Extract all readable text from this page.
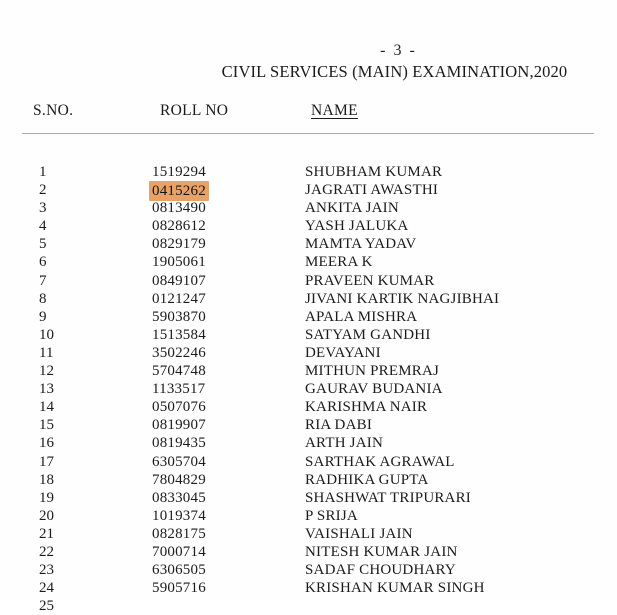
- 3 -
CIVIL SERVICES (MAIN) EXAMINATION,2020
S.NO.	ROLL NO	NAME
1	1519294	SHUBHAM KUMAR
2	0415262	JAGRATI AWASTHI
3	0813490	ANKITA JAIN
4	0828612	YASH JALUKA
5	0829179	MAMTA YADAV
6	1905061	MEERA K
7	0849107	PRAVEEN KUMAR
8	0121247	JIVANI KARTIK NAGJIBHAI
9	5903870	APALA MISHRA
10	1513584	SATYAM GANDHI
11	3502246	DEVAYANI
12	5704748	MITHUN PREMRAJ
13	1133517	GAURAV BUDANIA
14	0507076	KARISHMA NAIR
15	0819907	RIA DABI
16	0819435	ARTH JAIN
17	6305704	SARTHAK AGRAWAL
18	7804829	RADHIKA GUPTA
19	0833045	SHASHWAT TRIPURARI
20	1019374	P SRIJA
21	0828175	VAISHALI JAIN
22	7000714	NITESH KUMAR JAIN
23	6306505	SADAF CHOUDHARY
24	5905716	KRISHAN KUMAR SINGH
25
